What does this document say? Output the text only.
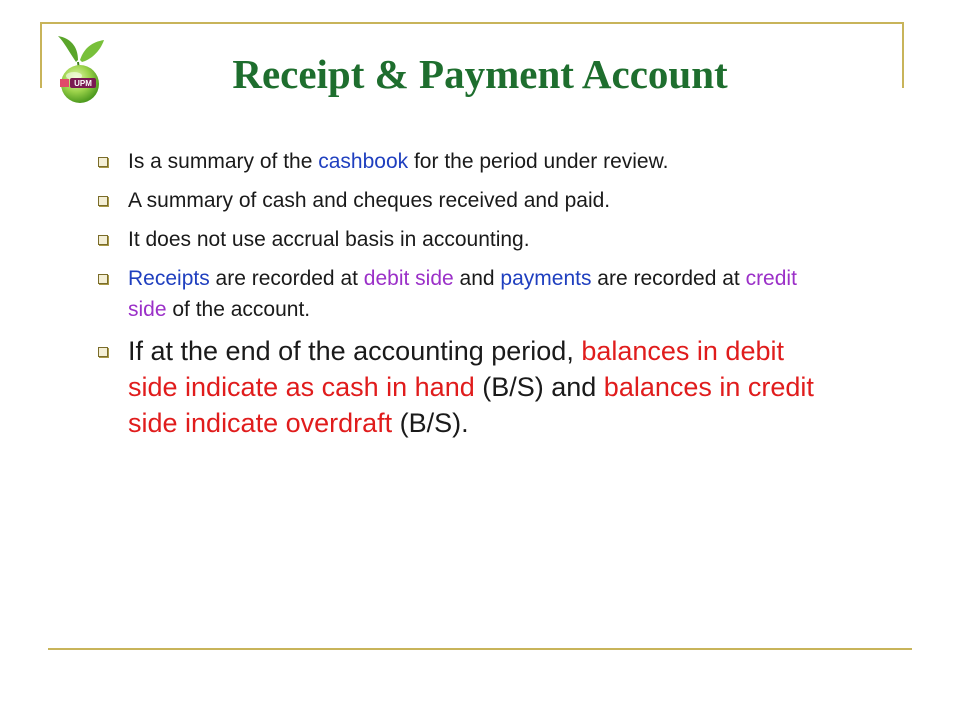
UPM	Receipt & Payment Account
Is a summary of the cashbook for the period under review.
A summary of cash and cheques received and paid.
It does not use accrual basis in accounting.
Receipts are recorded at debit side and payments are recorded at credit side of the account.
If at the end of the accounting period, balances in debit side indicate as cash in hand (B/S) and balances in credit side indicate overdraft (B/S).
